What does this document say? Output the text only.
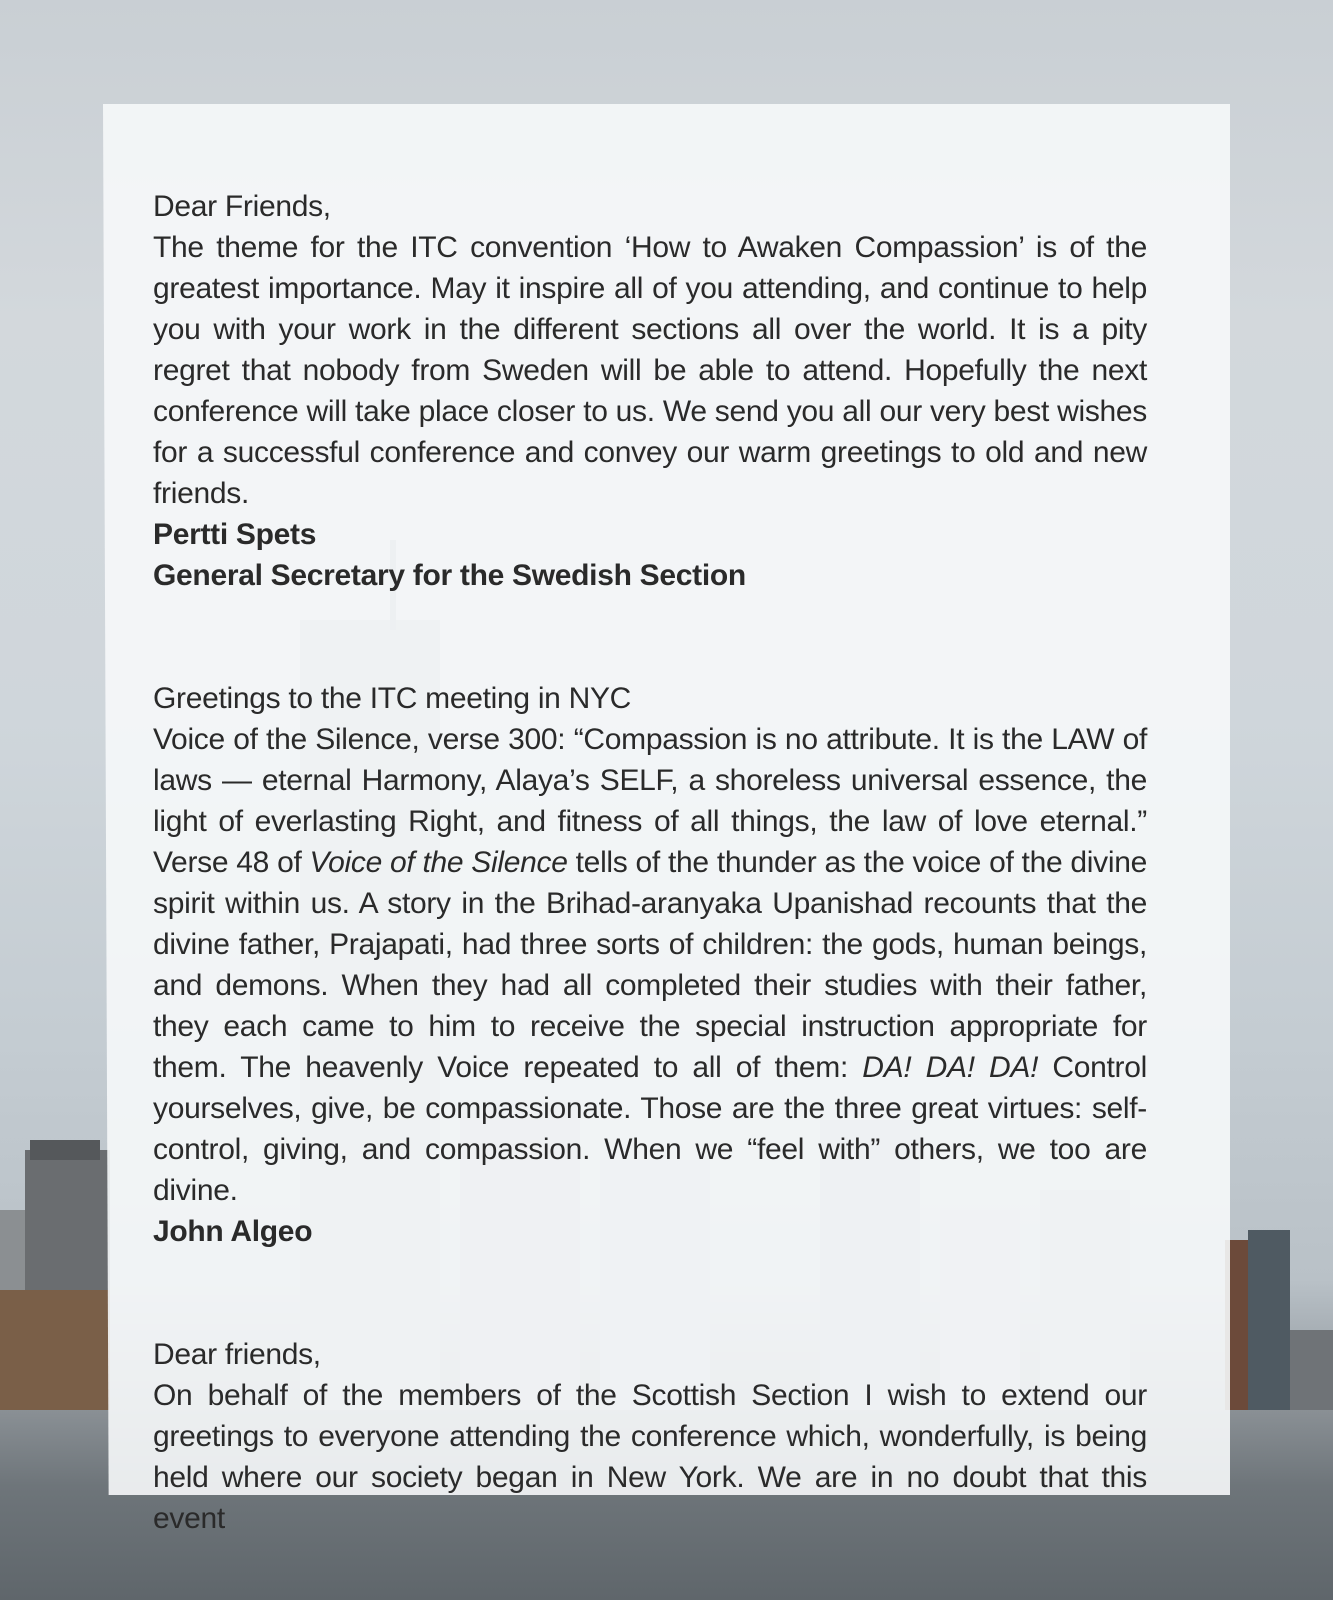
Dear Friends,

The theme for the ITC convention ‘How to Awaken Compassion’ is of the greatest importance. May it inspire all of you attending, and continue to help you with your work in the different sections all over the world. It is a pity regret that nobody from Sweden will be able to attend. Hopefully the next conference will take place closer to us. We send you all our very best wishes for a successful conference and convey our warm greetings to old and new friends.

Pertti Spets

General Secretary for the Swedish Section

Greetings to the ITC meeting in NYC

Voice of the Silence, verse 300: “Compassion is no attribute. It is the LAW of laws — eternal Harmony, Alaya’s SELF, a shoreless universal essence, the light of everlasting Right, and fitness of all things, the law of love eternal.” Verse 48 of Voice of the Silence tells of the thunder as the voice of the divine spirit within us. A story in the Brihad-aranyaka Upanishad recounts that the divine father, Prajapati, had three sorts of children: the gods, human beings, and demons. When they had all completed their studies with their father, they each came to him to receive the special instruction appropriate for them. The heavenly Voice repeated to all of them: DA! DA! DA! Control yourselves, give, be compassionate. Those are the three great virtues: self-control, giving, and compassion. When we “feel with” others, we too are divine.

John Algeo

Dear friends,

On behalf of the members of the Scottish Section I wish to extend our greetings to everyone attending the conference which, wonderfully, is being held where our society began in New York. We are in no doubt that this event
